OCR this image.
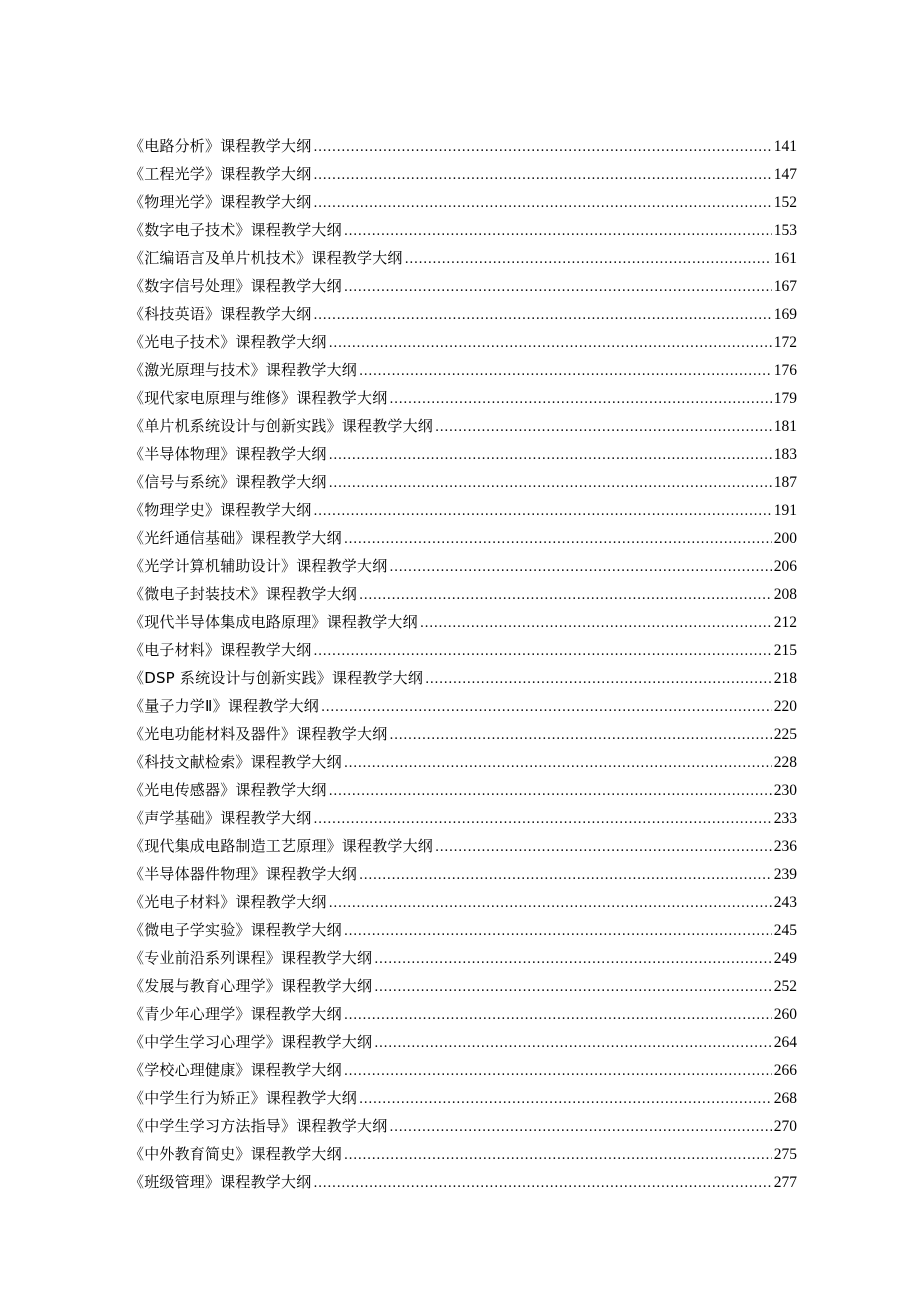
《电路分析》课程教学大纲 .....	141
《工程光学》课程教学大纲 .....	147
《物理光学》课程教学大纲 .....	152
《数字电子技术》课程教学大纲 .....	153
《汇编语言及单片机技术》课程教学大纲 .....	161
《数字信号处理》课程教学大纲 .....	167
《科技英语》课程教学大纲 .....	169
《光电子技术》课程教学大纲 .....	172
《激光原理与技术》课程教学大纲 .....	176
《现代家电原理与维修》课程教学大纲 .....	179
《单片机系统设计与创新实践》课程教学大纲 .....	181
《半导体物理》课程教学大纲 .....	183
《信号与系统》课程教学大纲 .....	187
《物理学史》课程教学大纲 .....	191
《光纤通信基础》课程教学大纲 .....	200
《光学计算机辅助设计》课程教学大纲 .....	206
《微电子封装技术》课程教学大纲 .....	208
《现代半导体集成电路原理》课程教学大纲 .....	212
《电子材料》课程教学大纲 .....	215
《DSP 系统设计与创新实践》课程教学大纲 .....	218
《量子力学Ⅱ》课程教学大纲 .....	220
《光电功能材料及器件》课程教学大纲 .....	225
《科技文献检索》课程教学大纲 .....	228
《光电传感器》课程教学大纲 .....	230
《声学基础》课程教学大纲 .....	233
《现代集成电路制造工艺原理》课程教学大纲 .....	236
《半导体器件物理》课程教学大纲 .....	239
《光电子材料》课程教学大纲 .....	243
《微电子学实验》课程教学大纲 .....	245
《专业前沿系列课程》课程教学大纲 .....	249
《发展与教育心理学》课程教学大纲 .....	252
《青少年心理学》课程教学大纲 .....	260
《中学生学习心理学》课程教学大纲 .....	264
《学校心理健康》课程教学大纲 .....	266
《中学生行为矫正》课程教学大纲 .....	268
《中学生学习方法指导》课程教学大纲 .....	270
《中外教育简史》课程教学大纲 .....	275
《班级管理》课程教学大纲 .....	277
